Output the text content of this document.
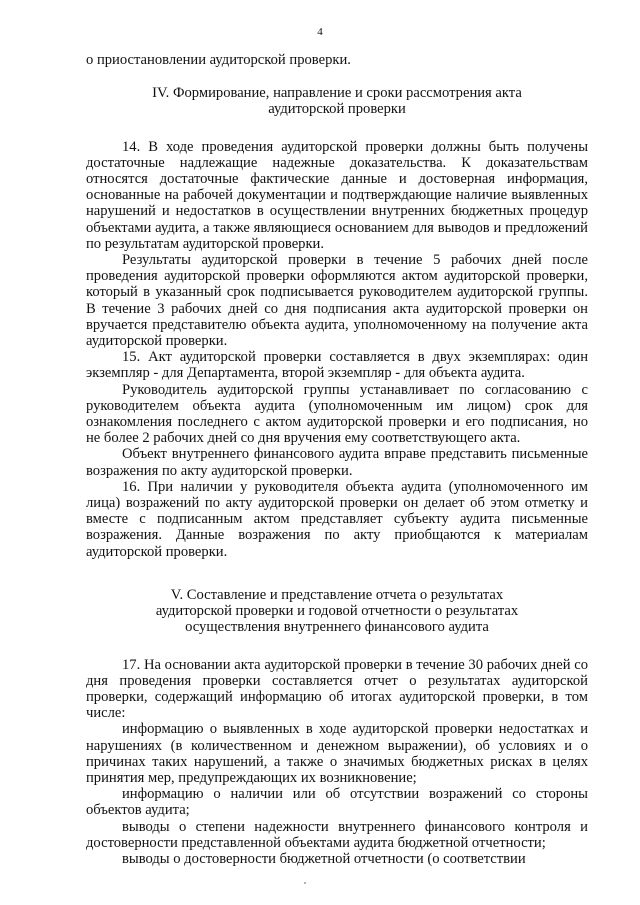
4

о приостановлении аудиторской проверки.

IV. Формирование, направление и сроки рассмотрения акта
аудиторской проверки

14. В ходе проведения аудиторской проверки должны быть получены достаточные надлежащие надежные доказательства. К доказательствам относятся достаточные фактические данные и достоверная информация, основанные на рабочей документации и подтверждающие наличие выявленных нарушений и недостатков в осуществлении внутренних бюджетных процедур объектами аудита, а также являющиеся основанием для выводов и предложений по результатам аудиторской проверки.

Результаты аудиторской проверки в течение 5 рабочих дней после проведения аудиторской проверки оформляются актом аудиторской проверки, который в указанный срок подписывается руководителем аудиторской группы. В течение 3 рабочих дней со дня подписания акта аудиторской проверки он вручается представителю объекта аудита, уполномоченному на получение акта аудиторской проверки.

15. Акт аудиторской проверки составляется в двух экземплярах: один экземпляр - для Департамента, второй экземпляр - для объекта аудита.

Руководитель аудиторской группы устанавливает по согласованию с руководителем объекта аудита (уполномоченным им лицом) срок для ознакомления последнего с актом аудиторской проверки и его подписания, но не более 2 рабочих дней со дня вручения ему соответствующего акта.

Объект внутреннего финансового аудита вправе представить письменные возражения по акту аудиторской проверки.

16. При наличии у руководителя объекта аудита (уполномоченного им лица) возражений по акту аудиторской проверки он делает об этом отметку и вместе с подписанным актом представляет субъекту аудита письменные возражения. Данные возражения по акту приобщаются к материалам аудиторской проверки.

V. Составление и представление отчета о результатах
аудиторской проверки и годовой отчетности о результатах
осуществления внутреннего финансового аудита

17. На основании акта аудиторской проверки в течение 30 рабочих дней со дня проведения проверки составляется отчет о результатах аудиторской проверки, содержащий информацию об итогах аудиторской проверки, в том числе:

информацию о выявленных в ходе аудиторской проверки недостатках и нарушениях (в количественном и денежном выражении), об условиях и о причинах таких нарушений, а также о значимых бюджетных рисках в целях принятия мер, предупреждающих их возникновение;

информацию о наличии или об отсутствии возражений со стороны объектов аудита;

выводы о степени надежности внутреннего финансового контроля и достоверности представленной объектами аудита бюджетной отчетности;

выводы о достоверности бюджетной отчетности (о соответствии
